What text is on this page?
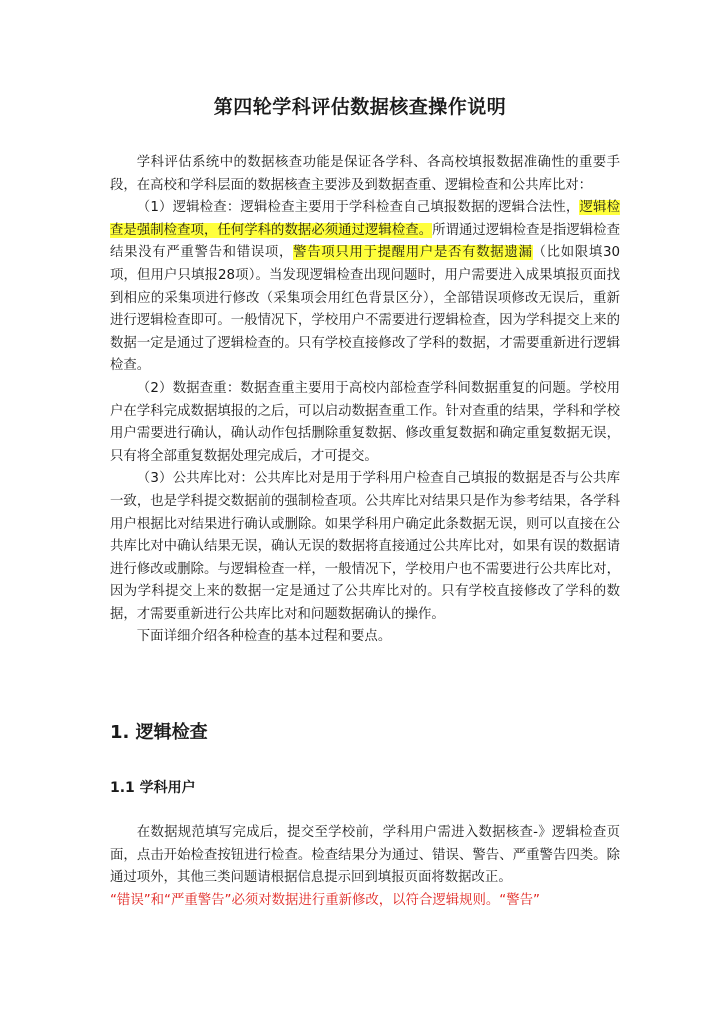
第四轮学科评估数据核查操作说明

学科评估系统中的数据核查功能是保证各学科、各高校填报数据准确性的重要手段，在高校和学科层面的数据核查主要涉及到数据查重、逻辑检查和公共库比对：

（1）逻辑检查：逻辑检查主要用于学科检查自己填报数据的逻辑合法性，逻辑检查是强制检查项，任何学科的数据必须通过逻辑检查。所谓通过逻辑检查是指逻辑检查结果没有严重警告和错误项，警告项只用于提醒用户是否有数据遗漏（比如限填30项，但用户只填报28项）。当发现逻辑检查出现问题时，用户需要进入成果填报页面找到相应的采集项进行修改（采集项会用红色背景区分），全部错误项修改无误后，重新进行逻辑检查即可。一般情况下，学校用户不需要进行逻辑检查，因为学科提交上来的数据一定是通过了逻辑检查的。只有学校直接修改了学科的数据，才需要重新进行逻辑检查。

（2）数据查重：数据查重主要用于高校内部检查学科间数据重复的问题。学校用户在学科完成数据填报的之后，可以启动数据查重工作。针对查重的结果，学科和学校用户需要进行确认，确认动作包括删除重复数据、修改重复数据和确定重复数据无误，只有将全部重复数据处理完成后，才可提交。

（3）公共库比对：公共库比对是用于学科用户检查自己填报的数据是否与公共库一致，也是学科提交数据前的强制检查项。公共库比对结果只是作为参考结果，各学科用户根据比对结果进行确认或删除。如果学科用户确定此条数据无误，则可以直接在公共库比对中确认结果无误，确认无误的数据将直接通过公共库比对，如果有误的数据请进行修改或删除。与逻辑检查一样，一般情况下，学校用户也不需要进行公共库比对，因为学科提交上来的数据一定是通过了公共库比对的。只有学校直接修改了学科的数据，才需要重新进行公共库比对和问题数据确认的操作。

下面详细介绍各种检查的基本过程和要点。

1. 逻辑检查
1.1 学科用户

在数据规范填写完成后，提交至学校前，学科用户需进入数据核查-》逻辑检查页面，点击开始检查按钮进行检查。检查结果分为通过、错误、警告、严重警告四类。除通过项外，其他三类问题请根据信息提示回到填报页面将数据改正。

“错误”和“严重警告”必须对数据进行重新修改，以符合逻辑规则。“警告”
